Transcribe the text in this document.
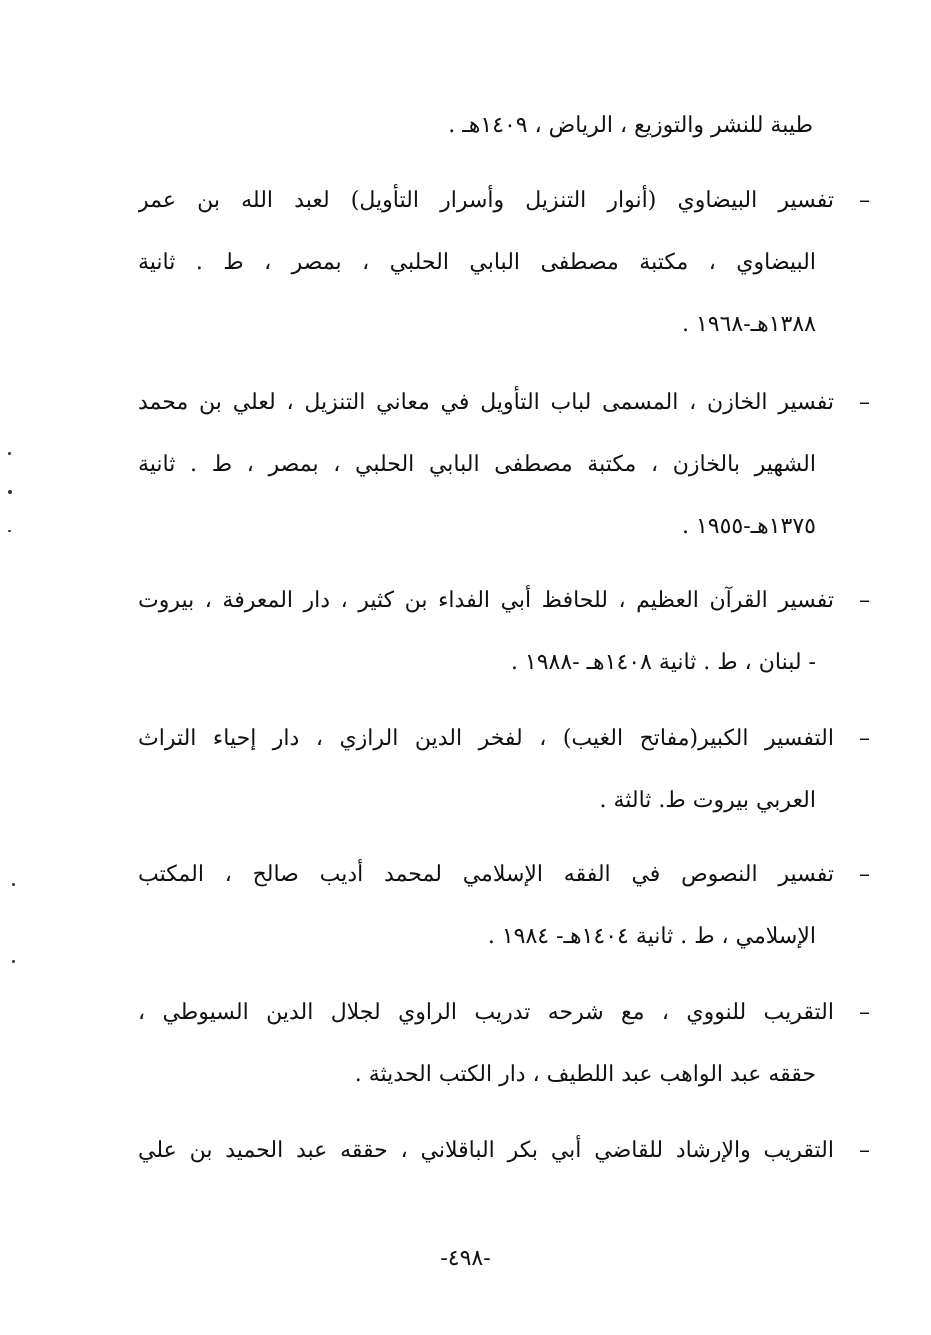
طيبة للنشر والتوزيع ، الرياض ، ١٤٠٩هـ .
–تفسير البيضاوي (أنوار التنزيل وأسرار التأويل) لعبد الله بن عمر
البيضاوي ، مكتبة مصطفى البابي الحلبي ، بمصر ، ط . ثانية
١٣٨٨هـ-١٩٦٨ .
–تفسير الخازن ، المسمى لباب التأويل في معاني التنزيل ، لعلي بن محمد
الشهير بالخازن ، مكتبة مصطفى البابي الحلبي ، بمصر ، ط . ثانية
١٣٧٥هـ-١٩٥٥ .
–تفسير القرآن العظيم ، للحافظ أبي الفداء بن كثير ، دار المعرفة ، بيروت
- لبنان ، ط . ثانية ١٤٠٨هـ -١٩٨٨ .
–التفسير الكبير(مفاتح الغيب) ، لفخر الدين الرازي ، دار إحياء التراث
العربي بيروت ط. ثالثة .
–تفسير النصوص في الفقه الإسلامي لمحمد أديب صالح ، المكتب
الإسلامي ، ط . ثانية ١٤٠٤هـ- ١٩٨٤ .
–التقريب للنووي ، مع شرحه تدريب الراوي لجلال الدين السيوطي ،
حققه عبد الواهب عبد اللطيف ، دار الكتب الحديثة .
–التقريب والإرشاد للقاضي أبي بكر الباقلاني ، حققه عبد الحميد بن علي
-٤٩٨-
